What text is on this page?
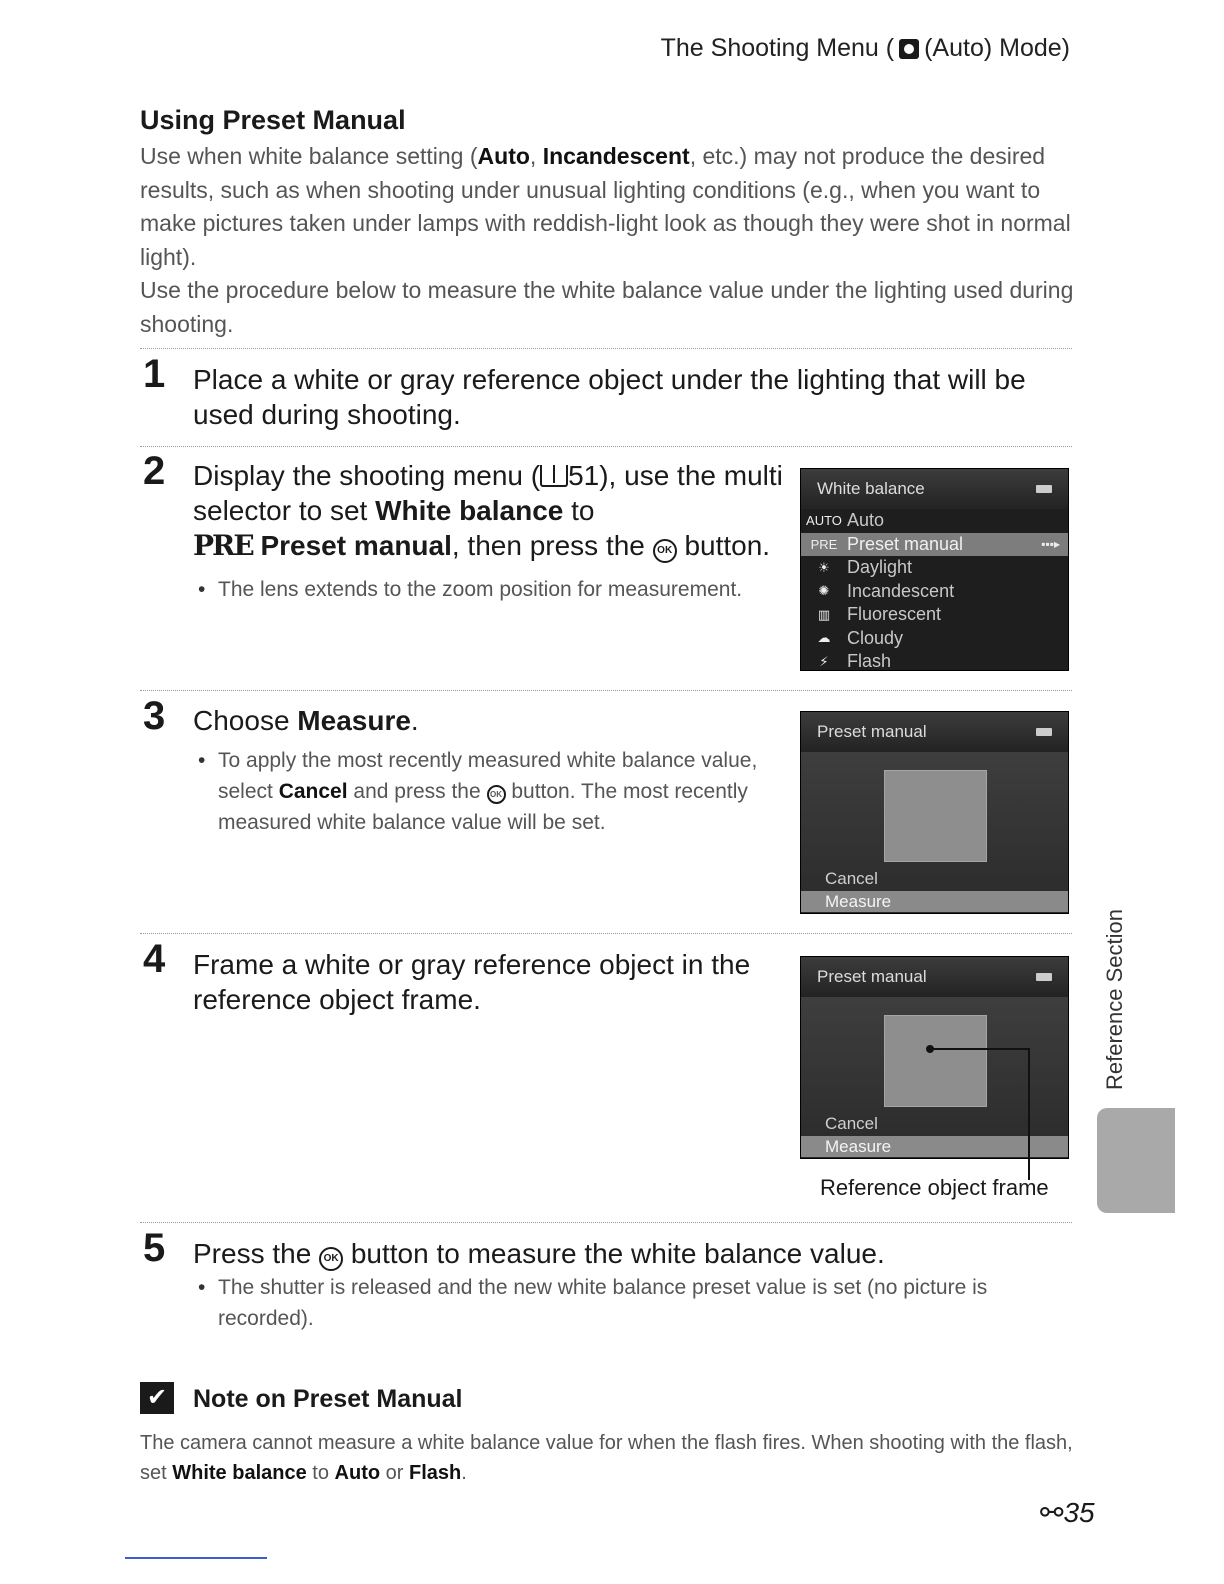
The Shooting Menu ( (Auto) Mode)
Using Preset Manual

Use when white balance setting (Auto, Incandescent, etc.) may not produce the desired results, such as when shooting under unusual lighting conditions (e.g., when you want to make pictures taken under lamps with reddish-light look as though they were shot in normal light).

Use the procedure below to measure the white balance value under the lighting used during shooting.

1 Place a white or gray reference object under the lighting that will be used during shooting.
2 Display the shooting menu ( 51), use the multi selector to set White balance to
PRE Preset manual, then press the OK button.
• The lens extends to the zoom position for measurement.
White balance
AUTO Auto
PRE Preset manual	▪▪▪▸
☀ Daylight
✺ Incandescent
▥ Fluorescent
☁ Cloudy
⚡	Flash
3 Choose Measure.
• To apply the most recently measured white balance value, select Cancel and press the OK button. The most recently measured white balance value will be set.
Preset manual
Cancel
Measure
4 Frame a white or gray reference object in the reference object frame.
Preset manual
Cancel
Measure
Reference object frame
Reference Section
5 Press the OK button to measure the white balance value.
• The shutter is released and the new white balance preset value is set (no picture is recorded).
✔ Note on Preset Manual
The camera cannot measure a white balance value for when the flash fires. When shooting with the flash, set White balance to Auto or Flash.
⚯35
